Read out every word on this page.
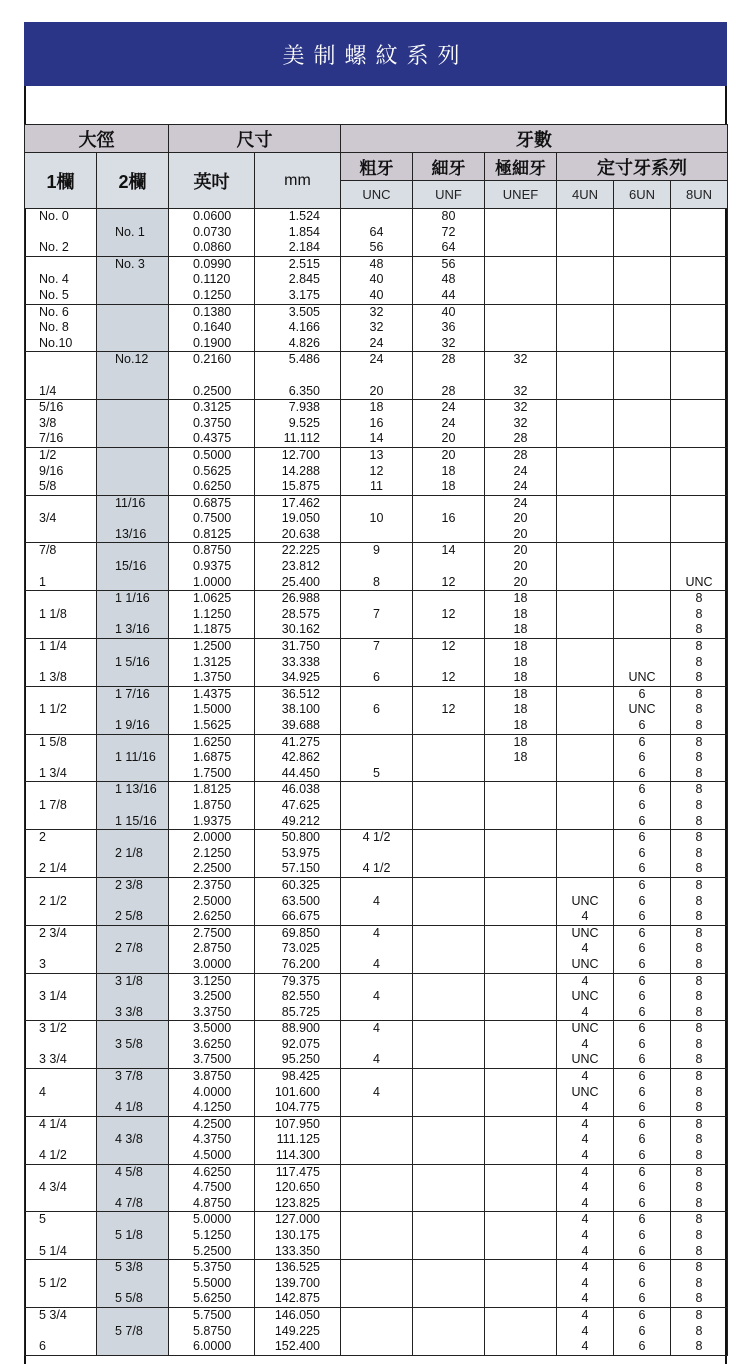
美制螺紋系列
大徑		尺寸		牙數					
1欄	2欄	英吋	mm	粗牙	細牙	極細牙	定寸牙系列		
				UNC	UNF	UNEF	4UN	6UN	8UN
No. 0		0.0600	1.524		80				
	No. 1	0.0730	1.854	64	72				
No. 2		0.0860	2.184	56	64				
	No. 3	0.0990	2.515	48	56				
No. 4		0.1120	2.845	40	48				
No. 5		0.1250	3.175	40	44				
No. 6		0.1380	3.505	32	40				
No. 8		0.1640	4.166	32	36				
No.10		0.1900	4.826	24	32				
	No.12	0.2160	5.486	24	28	32			

1/4		0.2500	6.350	20	28	32			
5/16		0.3125	7.938	18	24	32			
3/8		0.3750	9.525	16	24	32			
7/16		0.4375	11.112	14	20	28			
1/2		0.5000	12.700	13	20	28			
9/16		0.5625	14.288	12	18	24			
5/8		0.6250	15.875	11	18	24			
	11/16	0.6875	17.462			24			
3/4		0.7500	19.050	10	16	20			
	13/16	0.8125	20.638			20			
7/8		0.8750	22.225	9	14	20			
	15/16	0.9375	23.812			20			
1		1.0000	25.400	8	12	20			UNC
	1 1/16	1.0625	26.988			18			8
1 1/8		1.1250	28.575	7	12	18			8
	1 3/16	1.1875	30.162			18			8
1 1/4		1.2500	31.750	7	12	18			8
	1 5/16	1.3125	33.338			18			8
1 3/8		1.3750	34.925	6	12	18		UNC	8
	1 7/16	1.4375	36.512			18		6	8
1 1/2		1.5000	38.100	6	12	18		UNC	8
	1 9/16	1.5625	39.688			18		6	8
1 5/8		1.6250	41.275			18		6	8
	1 11/16	1.6875	42.862			18		6	8
1 3/4		1.7500	44.450	5				6	8
	1 13/16	1.8125	46.038					6	8
1 7/8		1.8750	47.625					6	8
	1 15/16	1.9375	49.212					6	8
2		2.0000	50.800	4 1/2				6	8
	2 1/8	2.1250	53.975					6	8
2 1/4		2.2500	57.150	4 1/2				6	8
	2 3/8	2.3750	60.325					6	8
2 1/2		2.5000	63.500	4			UNC	6	8
	2 5/8	2.6250	66.675				4	6	8
2 3/4		2.7500	69.850	4			UNC	6	8
	2 7/8	2.8750	73.025				4	6	8
3		3.0000	76.200	4			UNC	6	8
	3 1/8	3.1250	79.375				4	6	8
3 1/4		3.2500	82.550	4			UNC	6	8
	3 3/8	3.3750	85.725				4	6	8
3 1/2		3.5000	88.900	4			UNC	6	8
	3 5/8	3.6250	92.075				4	6	8
3 3/4		3.7500	95.250	4			UNC	6	8
	3 7/8	3.8750	98.425				4	6	8
4		4.0000	101.600	4			UNC	6	8
	4 1/8	4.1250	104.775				4	6	8
4 1/4		4.2500	107.950				4	6	8
	4 3/8	4.3750	111.125				4	6	8
4 1/2		4.5000	114.300				4	6	8
	4 5/8	4.6250	117.475				4	6	8
4 3/4		4.7500	120.650				4	6	8
	4 7/8	4.8750	123.825				4	6	8
5		5.0000	127.000				4	6	8
	5 1/8	5.1250	130.175				4	6	8
5 1/4		5.2500	133.350				4	6	8
	5 3/8	5.3750	136.525				4	6	8
5 1/2		5.5000	139.700				4	6	8
	5 5/8	5.6250	142.875				4	6	8
5 3/4		5.7500	146.050				4	6	8
	5 7/8	5.8750	149.225				4	6	8
6		6.0000	152.400				4	6	8
